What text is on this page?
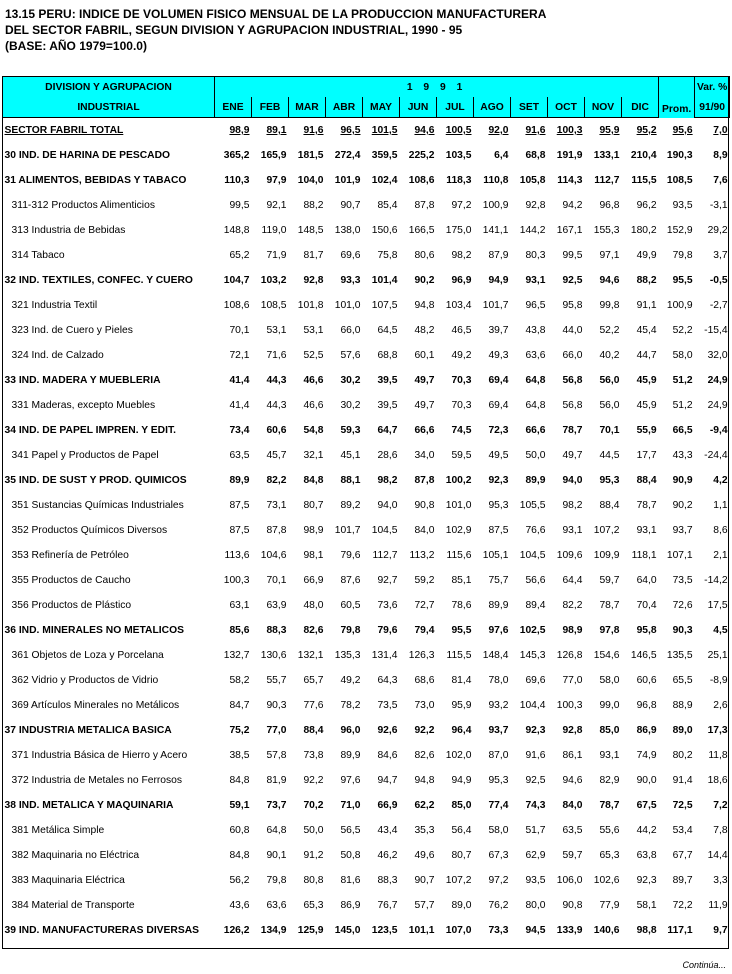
13.15 PERU: INDICE DE VOLUMEN FISICO MENSUAL DE LA PRODUCCION MANUFACTURERA
DEL SECTOR FABRIL, SEGUN DIVISION Y AGRUPACION INDUSTRIAL, 1990 - 95
(BASE: AÑO 1979=100.0)
DIVISION Y AGRUPACION	1 9 9 1												Prom.	Var. %
INDUSTRIAL	ENE	FEB	MAR	ABR	MAY	JUN	JUL	AGO	SET	OCT	NOV	DIC		91/90
SECTOR FABRIL TOTAL	98,9	89,1	91,6	96,5	101,5	94,6	100,5	92,0	91,6	100,3	95,9	95,2	95,6	7,0
30 IND. DE HARINA DE PESCADO	365,2	165,9	181,5	272,4	359,5	225,2	103,5	6,4	68,8	191,9	133,1	210,4	190,3	8,9
31 ALIMENTOS, BEBIDAS Y TABACO	110,3	97,9	104,0	101,9	102,4	108,6	118,3	110,8	105,8	114,3	112,7	115,5	108,5	7,6
311-312 Productos Alimenticios	99,5	92,1	88,2	90,7	85,4	87,8	97,2	100,9	92,8	94,2	96,8	96,2	93,5	-3,1
313 Industria de Bebidas	148,8	119,0	148,5	138,0	150,6	166,5	175,0	141,1	144,2	167,1	155,3	180,2	152,9	29,2
314 Tabaco	65,2	71,9	81,7	69,6	75,8	80,6	98,2	87,9	80,3	99,5	97,1	49,9	79,8	3,7
32 IND. TEXTILES, CONFEC. Y CUERO	104,7	103,2	92,8	93,3	101,4	90,2	96,9	94,9	93,1	92,5	94,6	88,2	95,5	-0,5
321 Industria Textil	108,6	108,5	101,8	101,0	107,5	94,8	103,4	101,7	96,5	95,8	99,8	91,1	100,9	-2,7
323 Ind. de Cuero y Pieles	70,1	53,1	53,1	66,0	64,5	48,2	46,5	39,7	43,8	44,0	52,2	45,4	52,2	-15,4
324 Ind. de Calzado	72,1	71,6	52,5	57,6	68,8	60,1	49,2	49,3	63,6	66,0	40,2	44,7	58,0	32,0
33 IND. MADERA Y MUEBLERIA	41,4	44,3	46,6	30,2	39,5	49,7	70,3	69,4	64,8	56,8	56,0	45,9	51,2	24,9
331 Maderas, excepto Muebles	41,4	44,3	46,6	30,2	39,5	49,7	70,3	69,4	64,8	56,8	56,0	45,9	51,2	24,9
34 IND. DE PAPEL IMPREN. Y EDIT.	73,4	60,6	54,8	59,3	64,7	66,6	74,5	72,3	66,6	78,7	70,1	55,9	66,5	-9,4
341 Papel y Productos de Papel	63,5	45,7	32,1	45,1	28,6	34,0	59,5	49,5	50,0	49,7	44,5	17,7	43,3	-24,4
35 IND. DE SUST Y PROD. QUIMICOS	89,9	82,2	84,8	88,1	98,2	87,8	100,2	92,3	89,9	94,0	95,3	88,4	90,9	4,2
351 Sustancias Químicas Industriales	87,5	73,1	80,7	89,2	94,0	90,8	101,0	95,3	105,5	98,2	88,4	78,7	90,2	1,1
352 Productos Químicos Diversos	87,5	87,8	98,9	101,7	104,5	84,0	102,9	87,5	76,6	93,1	107,2	93,1	93,7	8,6
353 Refinería de Petróleo	113,6	104,6	98,1	79,6	112,7	113,2	115,6	105,1	104,5	109,6	109,9	118,1	107,1	2,1
355 Productos de Caucho	100,3	70,1	66,9	87,6	92,7	59,2	85,1	75,7	56,6	64,4	59,7	64,0	73,5	-14,2
356 Productos de Plástico	63,1	63,9	48,0	60,5	73,6	72,7	78,6	89,9	89,4	82,2	78,7	70,4	72,6	17,5
36 IND. MINERALES NO METALICOS	85,6	88,3	82,6	79,8	79,6	79,4	95,5	97,6	102,5	98,9	97,8	95,8	90,3	4,5
361 Objetos de Loza y Porcelana	132,7	130,6	132,1	135,3	131,4	126,3	115,5	148,4	145,3	126,8	154,6	146,5	135,5	25,1
362 Vidrio y Productos de Vidrio	58,2	55,7	65,7	49,2	64,3	68,6	81,4	78,0	69,6	77,0	58,0	60,6	65,5	-8,9
369 Artículos Minerales no Metálicos	84,7	90,3	77,6	78,2	73,5	73,0	95,9	93,2	104,4	100,3	99,0	96,8	88,9	2,6
37 INDUSTRIA METALICA BASICA	75,2	77,0	88,4	96,0	92,6	92,2	96,4	93,7	92,3	92,8	85,0	86,9	89,0	17,3
371 Industria Básica de Hierro y Acero	38,5	57,8	73,8	89,9	84,6	82,6	102,0	87,0	91,6	86,1	93,1	74,9	80,2	11,8
372 Industria de Metales no Ferrosos	84,8	81,9	92,2	97,6	94,7	94,8	94,9	95,3	92,5	94,6	82,9	90,0	91,4	18,6
38 IND. METALICA Y MAQUINARIA	59,1	73,7	70,2	71,0	66,9	62,2	85,0	77,4	74,3	84,0	78,7	67,5	72,5	7,2
381 Metálica Simple	60,8	64,8	50,0	56,5	43,4	35,3	56,4	58,0	51,7	63,5	55,6	44,2	53,4	7,8
382 Maquinaria no Eléctrica	84,8	90,1	91,2	50,8	46,2	49,6	80,7	67,3	62,9	59,7	65,3	63,8	67,7	14,4
383 Maquinaria Eléctrica	56,2	79,8	80,8	81,6	88,3	90,7	107,2	97,2	93,5	106,0	102,6	92,3	89,7	3,3
384 Material de Transporte	43,6	63,6	65,3	86,9	76,7	57,7	89,0	76,2	80,0	90,8	77,9	58,1	72,2	11,9
39 IND. MANUFACTURERAS DIVERSAS	126,2	134,9	125,9	145,0	123,5	101,1	107,0	73,3	94,5	133,9	140,6	98,8	117,1	9,7
Continúa...
